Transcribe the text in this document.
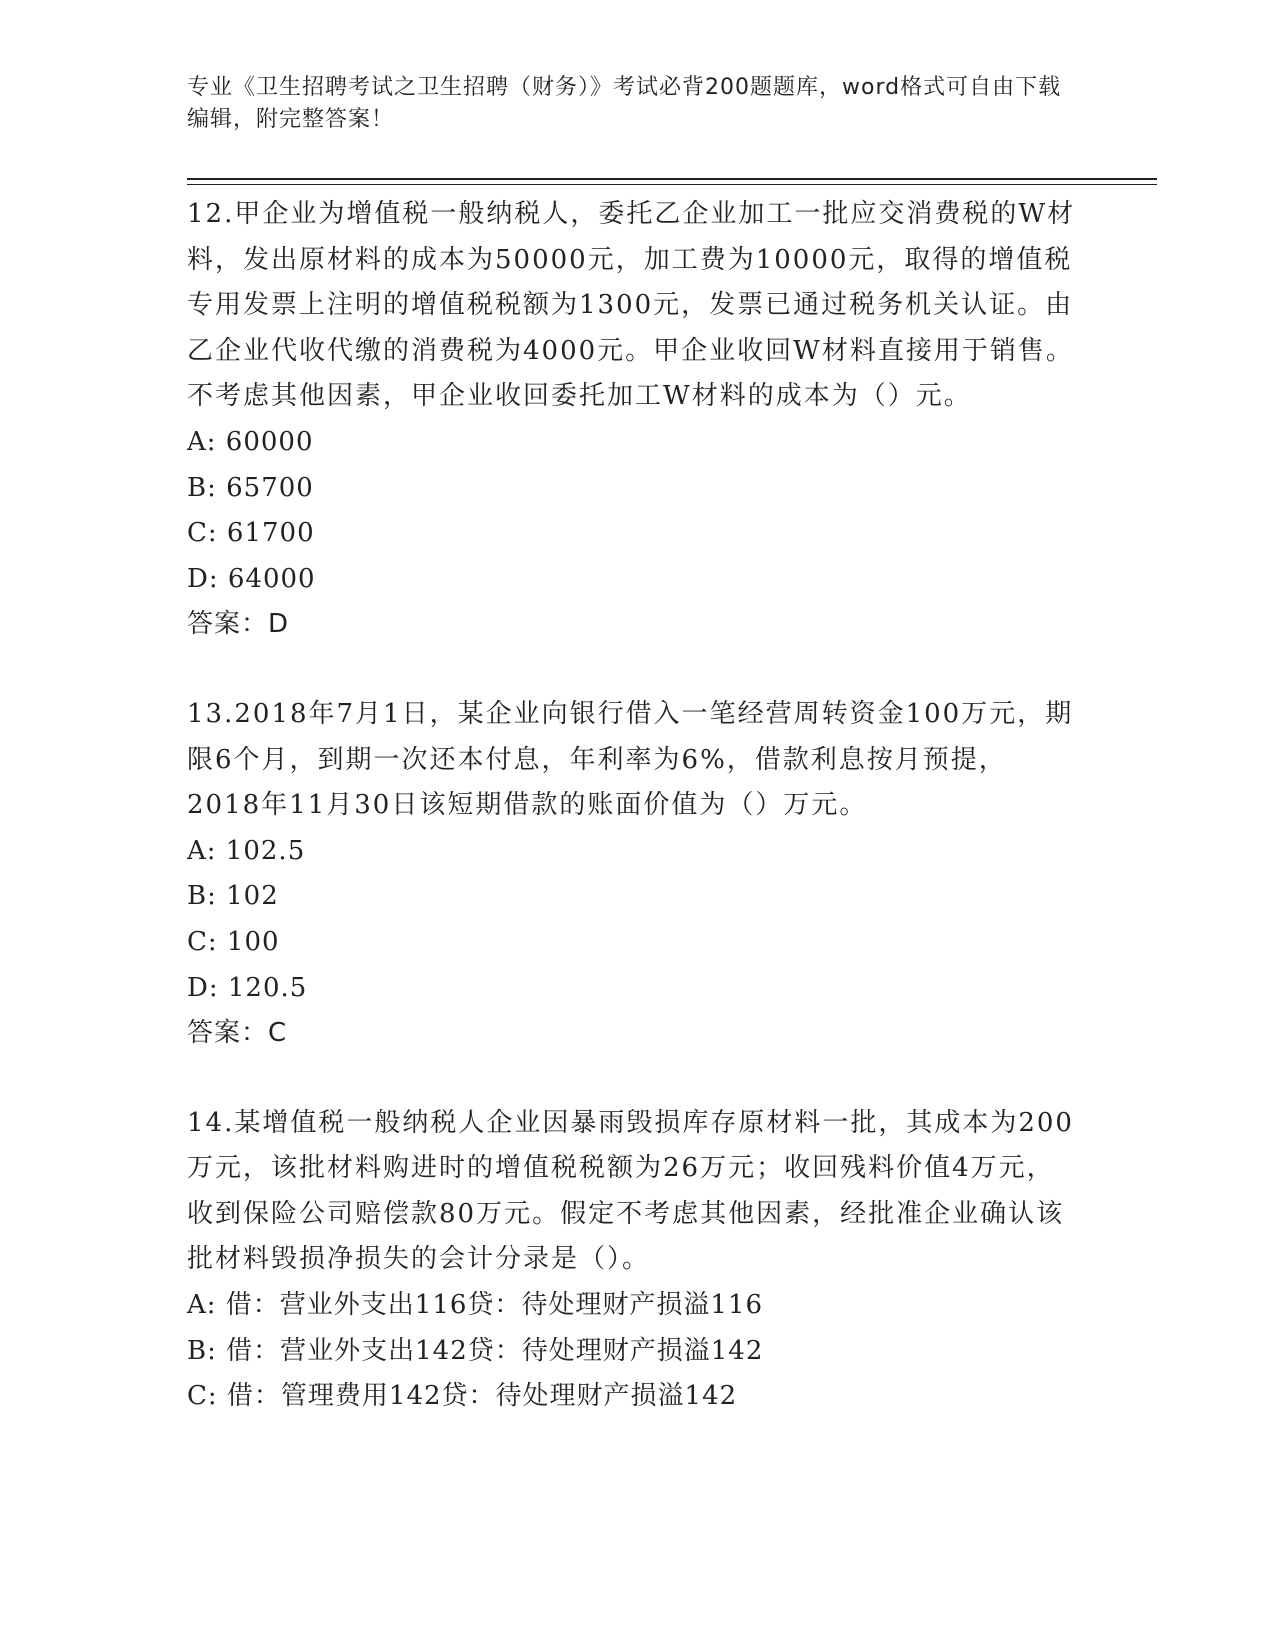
专业《卫生招聘考试之卫生招聘（财务）》考试必背200题题库，word格式可自由下载编辑，附完整答案！

12.甲企业为增值税一般纳税人，委托乙企业加工一批应交消费税的W材料，发出原材料的成本为50000元，加工费为10000元，取得的增值税专用发票上注明的增值税税额为1300元，发票已通过税务机关认证。由乙企业代收代缴的消费税为4000元。甲企业收回W材料直接用于销售。不考虑其他因素，甲企业收回委托加工W材料的成本为（）元。

A: 60000

B: 65700

C: 61700

D: 64000

答案：D

13.2018年7月1日，某企业向银行借入一笔经营周转资金100万元，期限6个月，到期一次还本付息，年利率为6%，借款利息按月预提，2018年11月30日该短期借款的账面价值为（）万元。

A: 102.5

B: 102

C: 100

D: 120.5

答案：C

14.某增值税一般纳税人企业因暴雨毁损库存原材料一批，其成本为200万元，该批材料购进时的增值税税额为26万元；收回残料价值4万元，收到保险公司赔偿款80万元。假定不考虑其他因素，经批准企业确认该批材料毁损净损失的会计分录是（）。

A: 借：营业外支出116贷：待处理财产损溢116

B: 借：营业外支出142贷：待处理财产损溢142

C: 借：管理费用142贷：待处理财产损溢142
